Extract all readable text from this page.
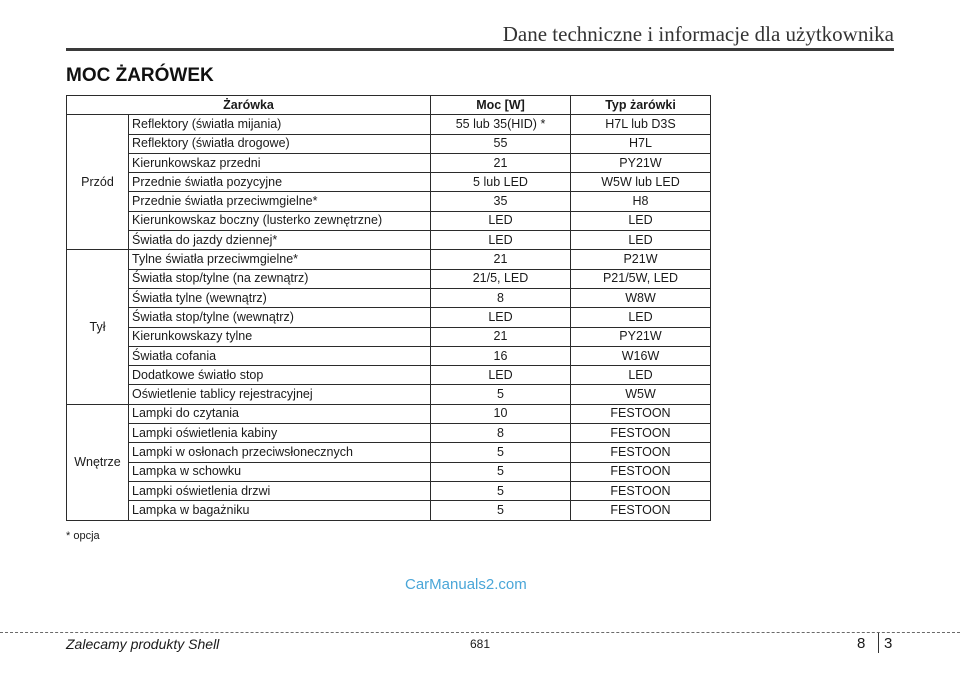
Dane techniczne i informacje dla użytkownika
MOC ŻARÓWEK
Żarówka		Moc [W]	Typ żarówki
Przód	Reflektory (światła mijania)	55 lub 35(HID) *	H7L lub D3S
	Reflektory (światła drogowe)	55	H7L
	Kierunkowskaz przedni	21	PY21W
	Przednie światła pozycyjne	5 lub LED	W5W lub LED
	Przednie światła przeciwmgielne*	35	H8
	Kierunkowskaz boczny (lusterko zewnętrzne)	LED	LED
	Światła do jazdy dziennej*	LED	LED
Tył	Tylne światła przeciwmgielne*	21	P21W
	Światła stop/tylne (na zewnątrz)	21/5, LED	P21/5W, LED
	Światła tylne (wewnątrz)	8	W8W
	Światła stop/tylne (wewnątrz)	LED	LED
	Kierunkowskazy tylne	21	PY21W
	Światła cofania	16	W16W
	Dodatkowe światło stop	LED	LED
	Oświetlenie tablicy rejestracyjnej	5	W5W
Wnętrze	Lampki do czytania	10	FESTOON
	Lampki oświetlenia kabiny	8	FESTOON
	Lampki w osłonach przeciwsłonecznych	5	FESTOON
	Lampka w schowku	5	FESTOON
	Lampki oświetlenia drzwi	5	FESTOON
	Lampka w bagażniku	5	FESTOON
* opcja
CarManuals2.com
Zalecamy produkty Shell	681	8 3
